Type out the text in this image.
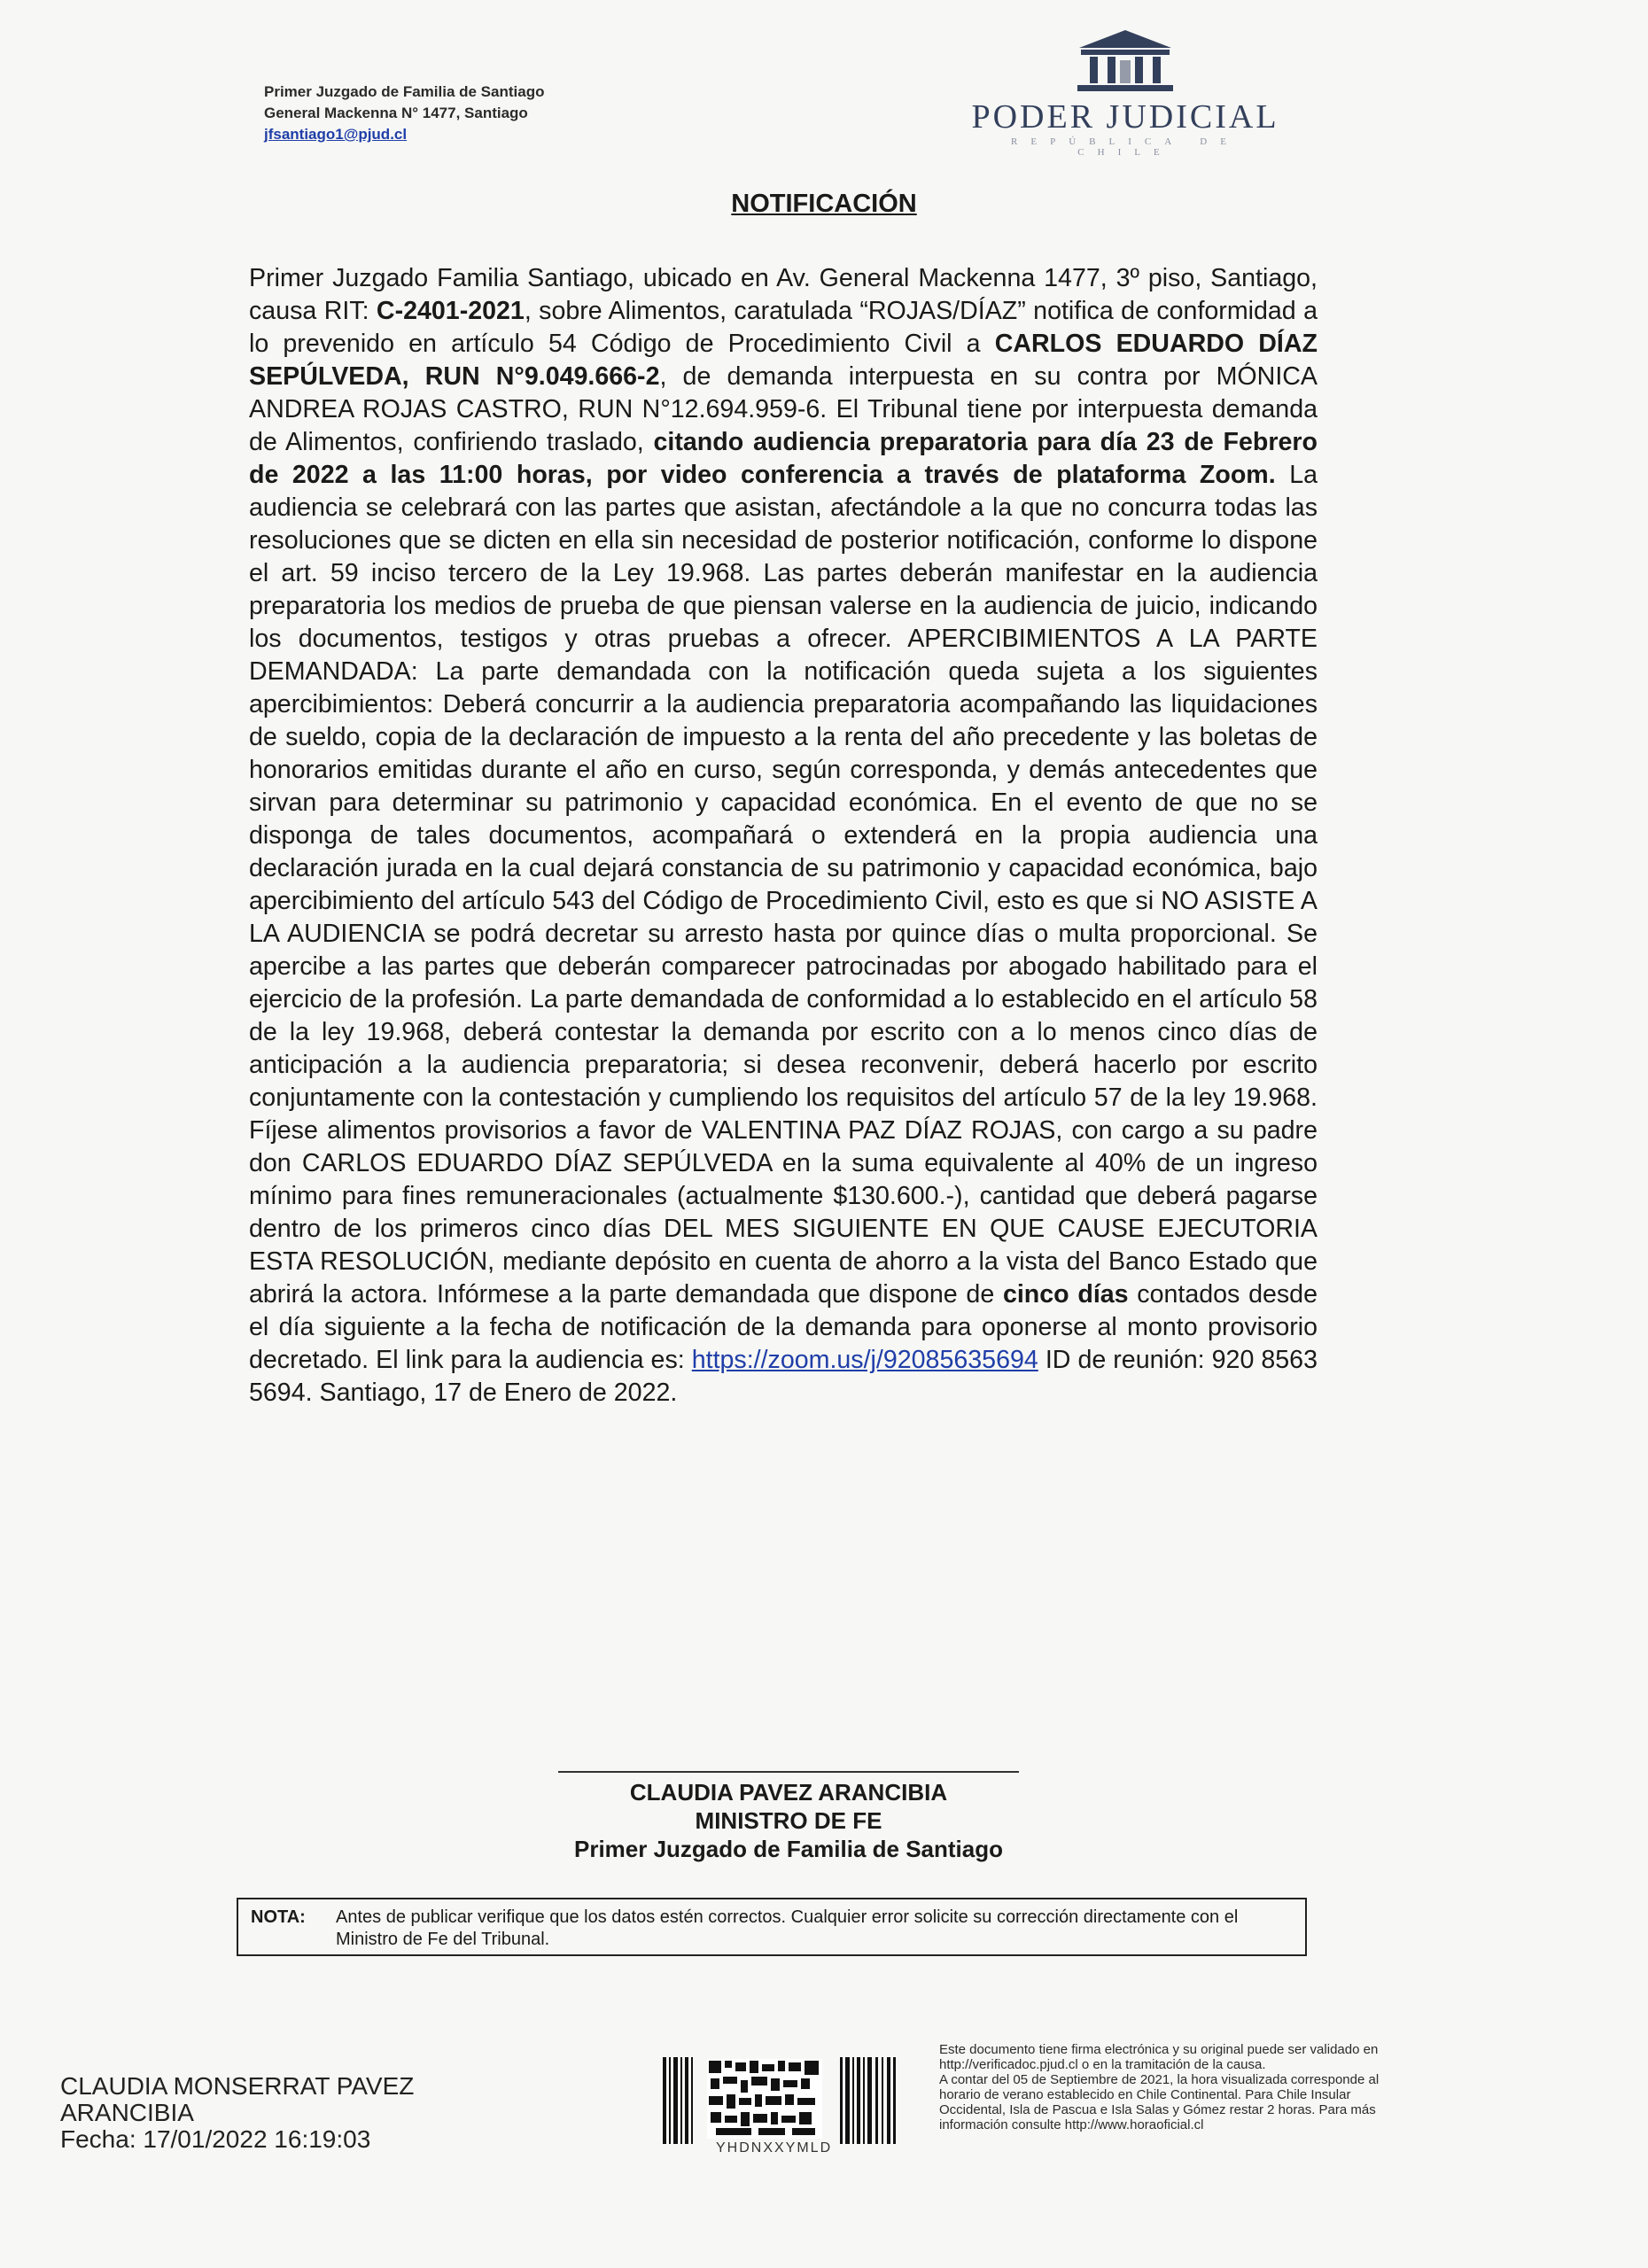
Primer Juzgado de Familia de Santiago
General Mackenna N° 1477, Santiago
jfsantiago1@pjud.cl	PODER JUDICIAL
REPÚBLICA DE CHILE
NOTIFICACIÓN
Primer Juzgado Familia Santiago, ubicado en Av. General Mackenna 1477, 3º piso, Santiago, causa RIT: C-2401-2021, sobre Alimentos, caratulada “ROJAS/DÍAZ” notifica de conformidad a lo prevenido en artículo 54 Código de Procedimiento Civil a CARLOS EDUARDO DÍAZ SEPÚLVEDA, RUN N°9.049.666-2, de demanda interpuesta en su contra por MÓNICA ANDREA ROJAS CASTRO, RUN N°12.694.959-6. El Tribunal tiene por interpuesta demanda de Alimentos, confiriendo traslado, citando audiencia preparatoria para día 23 de Febrero de 2022 a las 11:00 horas, por video conferencia a través de plataforma Zoom. La audiencia se celebrará con las partes que asistan, afectándole a la que no concurra todas las resoluciones que se dicten en ella sin necesidad de posterior notificación, conforme lo dispone el art. 59 inciso tercero de la Ley 19.968. Las partes deberán manifestar en la audiencia preparatoria los medios de prueba de que piensan valerse en la audiencia de juicio, indicando los documentos, testigos y otras pruebas a ofrecer. APERCIBIMIENTOS A LA PARTE DEMANDADA: La parte demandada con la notificación queda sujeta a los siguientes apercibimientos: Deberá concurrir a la audiencia preparatoria acompañando las liquidaciones de sueldo, copia de la declaración de impuesto a la renta del año precedente y las boletas de honorarios emitidas durante el año en curso, según corresponda, y demás antecedentes que sirvan para determinar su patrimonio y capacidad económica. En el evento de que no se disponga de tales documentos, acompañará o extenderá en la propia audiencia una declaración jurada en la cual dejará constancia de su patrimonio y capacidad económica, bajo apercibimiento del artículo 543 del Código de Procedimiento Civil, esto es que si NO ASISTE A LA AUDIENCIA se podrá decretar su arresto hasta por quince días o multa proporcional. Se apercibe a las partes que deberán comparecer patrocinadas por abogado habilitado para el ejercicio de la profesión. La parte demandada de conformidad a lo establecido en el artículo 58 de la ley 19.968, deberá contestar la demanda por escrito con a lo menos cinco días de anticipación a la audiencia preparatoria; si desea reconvenir, deberá hacerlo por escrito conjuntamente con la contestación y cumpliendo los requisitos del artículo 57 de la ley 19.968. Fíjese alimentos provisorios a favor de VALENTINA PAZ DÍAZ ROJAS, con cargo a su padre don CARLOS EDUARDO DÍAZ SEPÚLVEDA en la suma equivalente al 40% de un ingreso mínimo para fines remuneracionales (actualmente $130.600.-), cantidad que deberá pagarse dentro de los primeros cinco días DEL MES SIGUIENTE EN QUE CAUSE EJECUTORIA ESTA RESOLUCIÓN, mediante depósito en cuenta de ahorro a la vista del Banco Estado que abrirá la actora. Infórmese a la parte demandada que dispone de cinco días contados desde el día siguiente a la fecha de notificación de la demanda para oponerse al monto provisorio decretado. El link para la audiencia es: https://zoom.us/j/92085635694 ID de reunión: 920 8563 5694. Santiago, 17 de Enero de 2022.
CLAUDIA PAVEZ ARANCIBIA
MINISTRO DE FE
Primer Juzgado de Familia de Santiago
NOTA: Antes de publicar verifique que los datos estén correctos. Cualquier error solicite su corrección directamente con el Ministro de Fe del Tribunal.
CLAUDIA MONSERRAT PAVEZ
ARANCIBIA
Fecha: 17/01/2022 16:19:03	YHDNXXYMLD
Este documento tiene firma electrónica y su original puede ser validado en
http://verificadoc.pjud.cl o en la tramitación de la causa.
A contar del 05 de Septiembre de 2021, la hora visualizada corresponde al
horario de verano establecido en Chile Continental. Para Chile Insular
Occidental, Isla de Pascua e Isla Salas y Gómez restar 2 horas. Para más
información consulte http://www.horaoficial.cl
